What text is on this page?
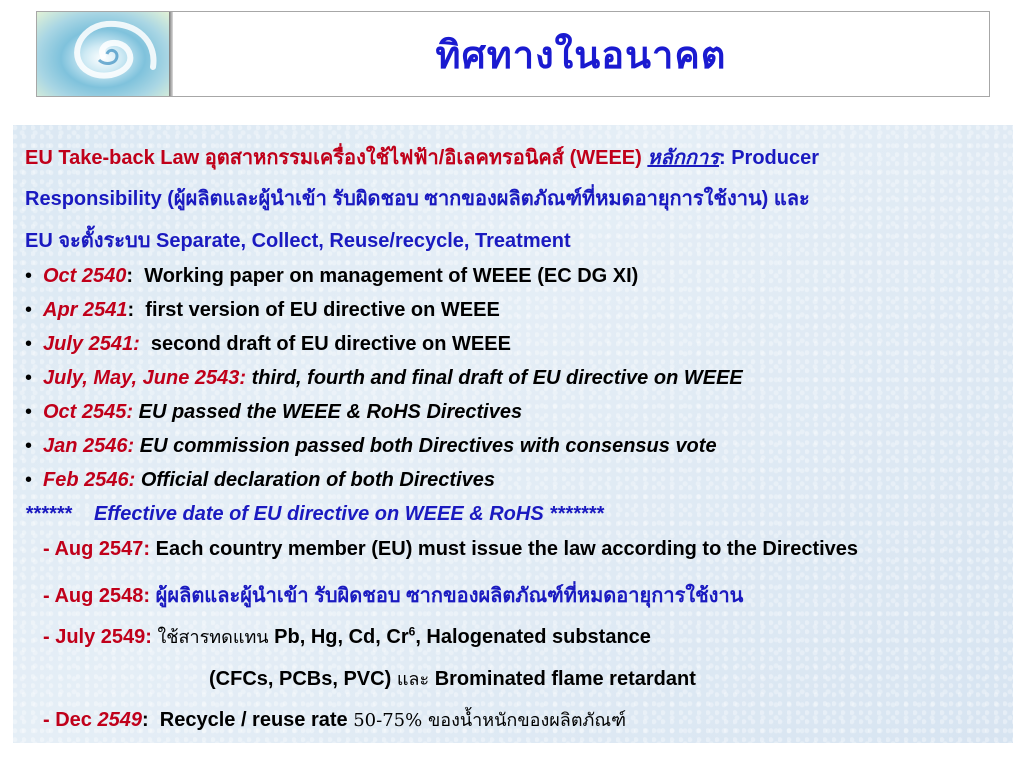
ทิศทางในอนาคต
EU Take-back Law อุตสาหกรรมเครื่องใช้ไฟฟ้า/อิเลคทรอนิคส์ (WEEE) หลักการ: Producer
Responsibility (ผู้ผลิตและผู้นำเข้า รับผิดชอบ ซากของผลิตภัณฑ์ที่หมดอายุการใช้งาน) และ
EU จะตั้งระบบ Separate, Collect, Reuse/recycle, Treatment
• Oct 2540: Working paper on management of WEEE (EC DG XI)
• Apr 2541: first version of EU directive on WEEE
• July 2541: second draft of EU directive on WEEE
• July, May, June 2543: third, fourth and final draft of EU directive on WEEE
• Oct 2545: EU passed the WEEE & RoHS Directives
• Jan 2546: EU commission passed both Directives with consensus vote
• Feb 2546: Official declaration of both Directives
****** Effective date of EU directive on WEEE & RoHS *******
- Aug 2547: Each country member (EU) must issue the law according to the Directives
- Aug 2548: ผู้ผลิตและผู้นำเข้า รับผิดชอบ ซากของผลิตภัณฑ์ที่หมดอายุการใช้งาน
- July 2549: ใช้สารทดแทน Pb, Hg, Cd, Cr$^6$, Halogenated substance
(CFCs, PCBs, PVC) และ Brominated flame retardant
- Dec 2549: Recycle / reuse rate 50-75% ของน้ำหนักของผลิตภัณฑ์
